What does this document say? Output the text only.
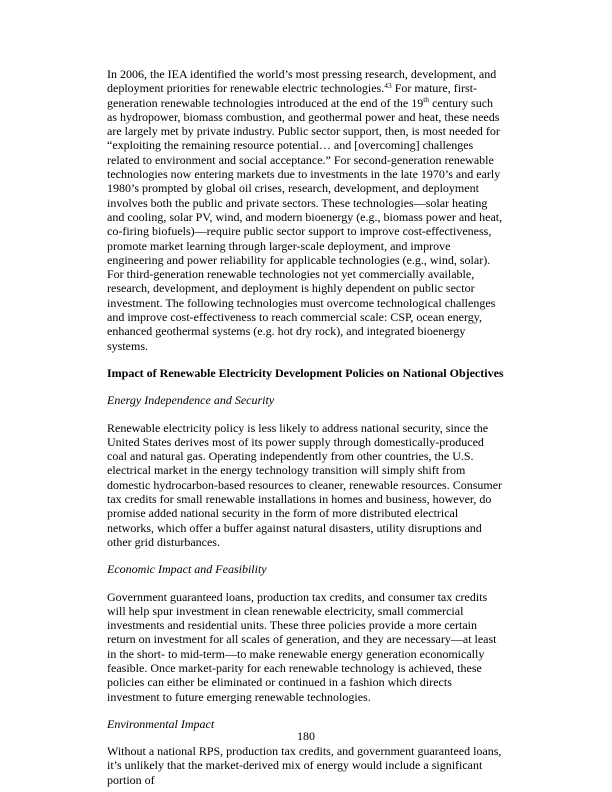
In 2006, the IEA identified the world’s most pressing research, development, and deployment priorities for renewable electric technologies.$^{43}$ For mature, first-generation renewable technologies introduced at the end of the 19th century such as hydropower, biomass combustion, and geothermal power and heat, these needs are largely met by private industry. Public sector support, then, is most needed for “exploiting the remaining resource potential… and [overcoming] challenges related to environment and social acceptance.” For second-generation renewable technologies now entering markets due to investments in the late 1970’s and early 1980’s prompted by global oil crises, research, development, and deployment involves both the public and private sectors. These technologies—solar heating and cooling, solar PV, wind, and modern bioenergy (e.g., biomass power and heat, co-firing biofuels)—require public sector support to improve cost-effectiveness, promote market learning through larger-scale deployment, and improve engineering and power reliability for applicable technologies (e.g., wind, solar). For third-generation renewable technologies not yet commercially available, research, development, and deployment is highly dependent on public sector investment. The following technologies must overcome technological challenges and improve cost-effectiveness to reach commercial scale: CSP, ocean energy, enhanced geothermal systems (e.g. hot dry rock), and integrated bioenergy systems.

Impact of Renewable Electricity Development Policies on National Objectives
Energy Independence and Security

Renewable electricity policy is less likely to address national security, since the United States derives most of its power supply through domestically-produced coal and natural gas. Operating independently from other countries, the U.S. electrical market in the energy technology transition will simply shift from domestic hydrocarbon-based resources to cleaner, renewable resources. Consumer tax credits for small renewable installations in homes and business, however, do promise added national security in the form of more distributed electrical networks, which offer a buffer against natural disasters, utility disruptions and other grid disturbances.

Economic Impact and Feasibility

Government guaranteed loans, production tax credits, and consumer tax credits will help spur investment in clean renewable electricity, small commercial investments and residential units. These three policies provide a more certain return on investment for all scales of generation, and they are necessary—at least in the short- to mid-term—to make renewable energy generation economically feasible. Once market-parity for each renewable technology is achieved, these policies can either be eliminated or continued in a fashion which directs investment to future emerging renewable technologies.

Environmental Impact

Without a national RPS, production tax credits, and government guaranteed loans, it’s unlikely that the market-derived mix of energy would include a significant portion of

180
